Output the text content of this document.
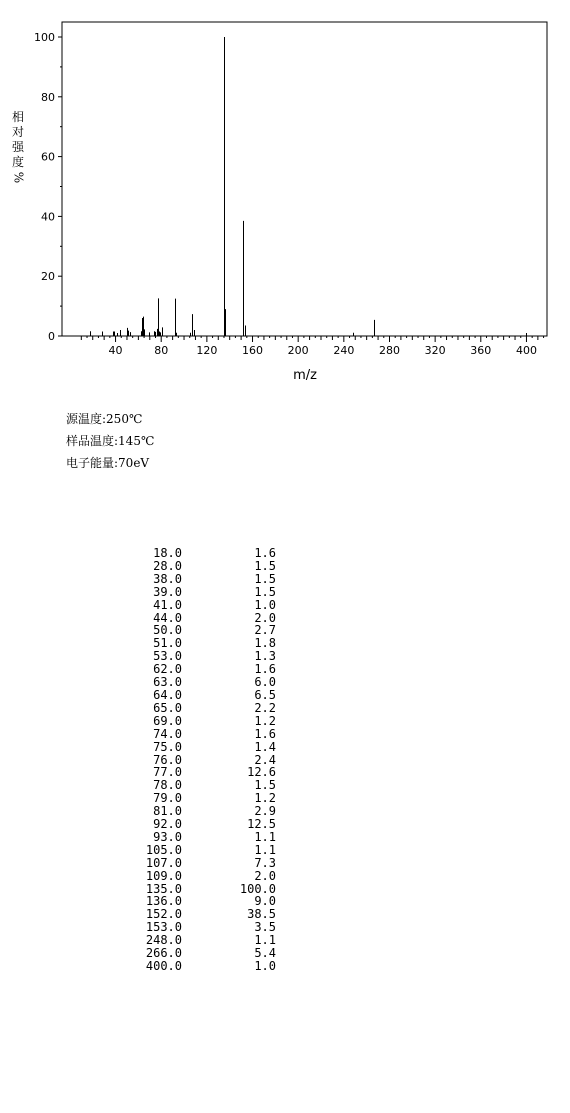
0
20
40
60
80
100
40	80	120 160 200 240 280 320 360 400
m/z
相
对
强
度
%
源温度:250℃
样品温度:145℃
电子能量:70eV
18.0	1.6
28.0	1.5
38.0	1.5
39.0	1.5
41.0	1.0
44.0	2.0
50.0	2.7
51.0	1.8
53.0	1.3
62.0	1.6
63.0	6.0
64.0	6.5
65.0	2.2
69.0	1.2
74.0	1.6
75.0	1.4
76.0	2.4
77.0	12.6
78.0	1.5
79.0	1.2
81.0	2.9
92.0	12.5
93.0	1.1
105.0	1.1
107.0	7.3
109.0	2.0
135.0	100.0
136.0	9.0
152.0	38.5
153.0	3.5
248.0	1.1
266.0	5.4
400.0	1.0
